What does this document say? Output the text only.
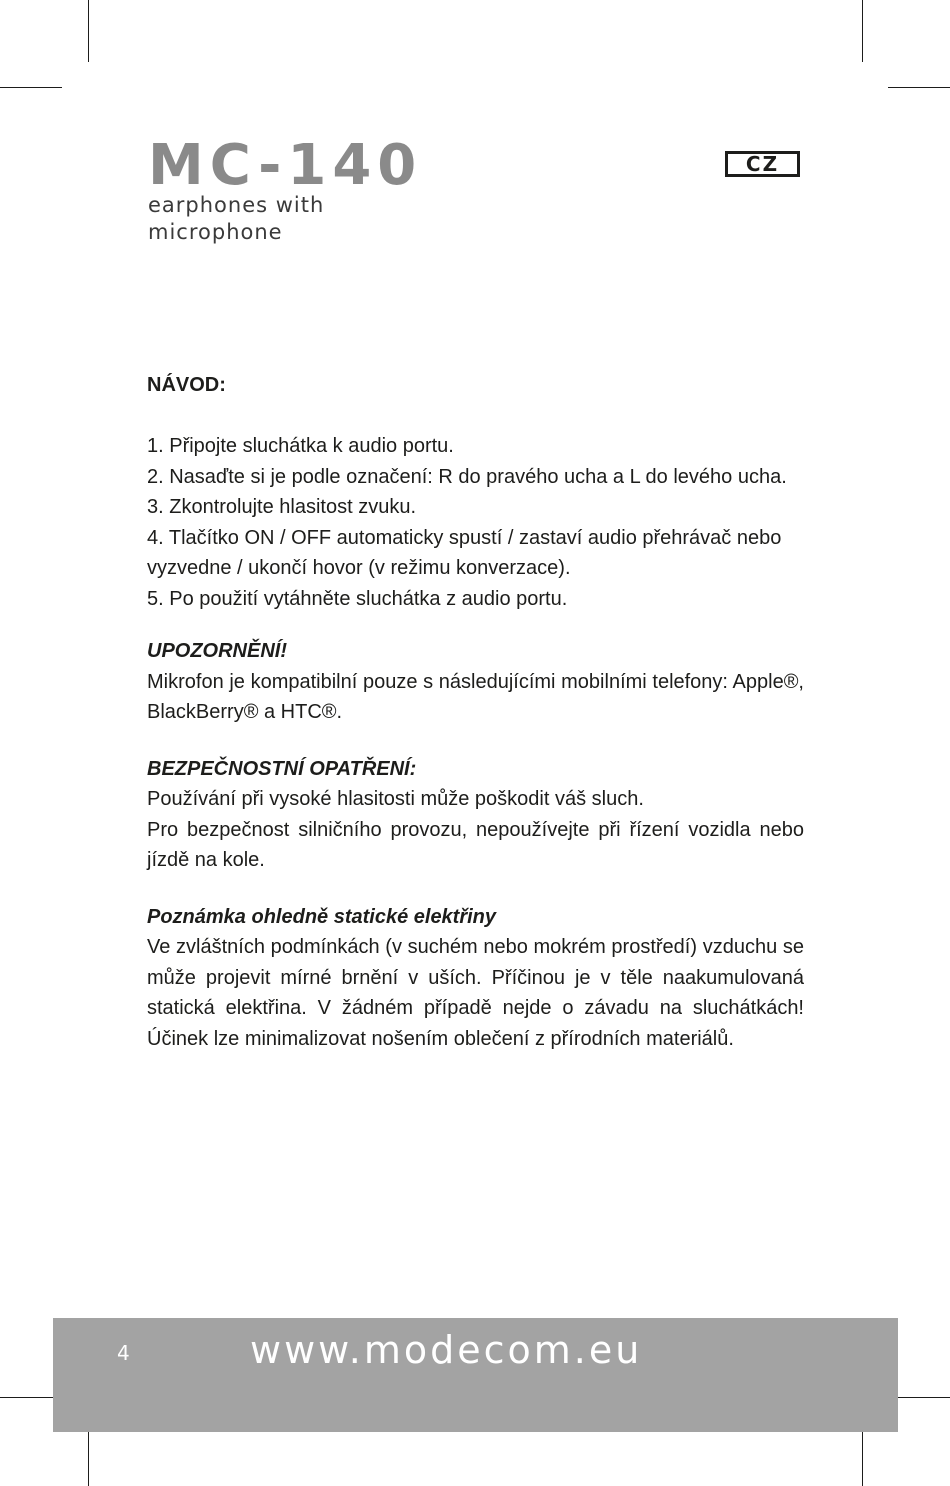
MC-140
earphones with
microphone
CZ
NÁVOD:
1. Připojte sluchátka k audio portu.
2. Nasaďte si je podle označení: R do pravého ucha a L do levého ucha.
3. Zkontrolujte hlasitost zvuku.
4. Tlačítko ON / OFF automaticky spustí / zastaví audio přehrávač nebo vyzvedne / ukončí hovor (v režimu konverzace).
5. Po použití vytáhněte sluchátka z audio portu.
UPOZORNĚNÍ!

Mikrofon je kompatibilní pouze s následujícími mobilními telefony: Apple®, BlackBerry® a HTC®.

BEZPEČNOSTNÍ OPATŘENÍ:

Používání při vysoké hlasitosti může poškodit váš sluch.

Pro bezpečnost silničního provozu, nepoužívejte při řízení vozidla nebo jízdě na kole.

Poznámka ohledně statické elektřiny

Ve zvláštních podmínkách (v suchém nebo mokrém prostředí) vzduchu se může projevit mírné brnění v uších. Příčinou je v těle naakumulovaná statická elektřina. V žádném případě nejde o závadu na sluchátkách! Účinek lze minimalizovat nošením oblečení z přírodních materiálů.

4	www.modecom.eu
